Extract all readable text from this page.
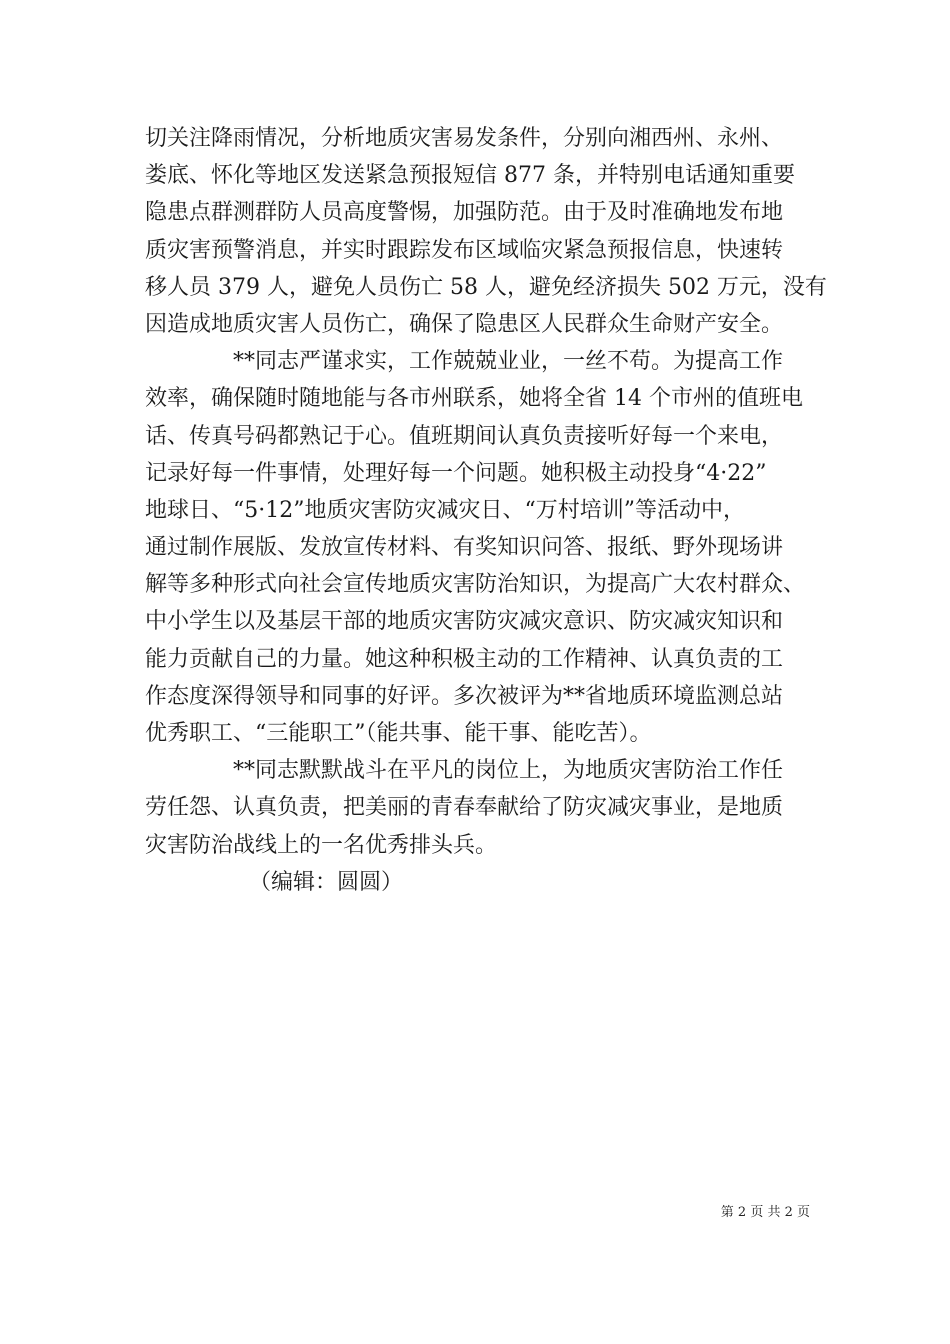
切关注降雨情况，分析地质灾害易发条件，分别向湘西州、永州、
娄底、怀化等地区发送紧急预报短信 877 条，并特别电话通知重要
隐患点群测群防人员高度警惕，加强防范。由于及时准确地发布地
质灾害预警消息，并实时跟踪发布区域临灾紧急预报信息，快速转
移人员 379 人，避免人员伤亡 58 人，避免经济损失 502 万元，没有
因造成地质灾害人员伤亡，确保了隐患区人民群众生命财产安全。
**同志严谨求实，工作兢兢业业，一丝不苟。为提高工作
效率，确保随时随地能与各市州联系，她将全省 14 个市州的值班电
话、传真号码都熟记于心。值班期间认真负责接听好每一个来电，
记录好每一件事情，处理好每一个问题。她积极主动投身“4·22”
地球日、“5·12”地质灾害防灾减灾日、“万村培训”等活动中，
通过制作展版、发放宣传材料、有奖知识问答、报纸、野外现场讲
解等多种形式向社会宣传地质灾害防治知识，为提高广大农村群众、
中小学生以及基层干部的地质灾害防灾减灾意识、防灾减灾知识和
能力贡献自己的力量。她这种积极主动的工作精神、认真负责的工
作态度深得领导和同事的好评。多次被评为**省地质环境监测总站
优秀职工、“三能职工”（能共事、能干事、能吃苦）。
**同志默默战斗在平凡的岗位上，为地质灾害防治工作任
劳任怨、认真负责，把美丽的青春奉献给了防灾减灾事业，是地质
灾害防治战线上的一名优秀排头兵。
（编辑：圆圆）
第 2 页 共 2 页
